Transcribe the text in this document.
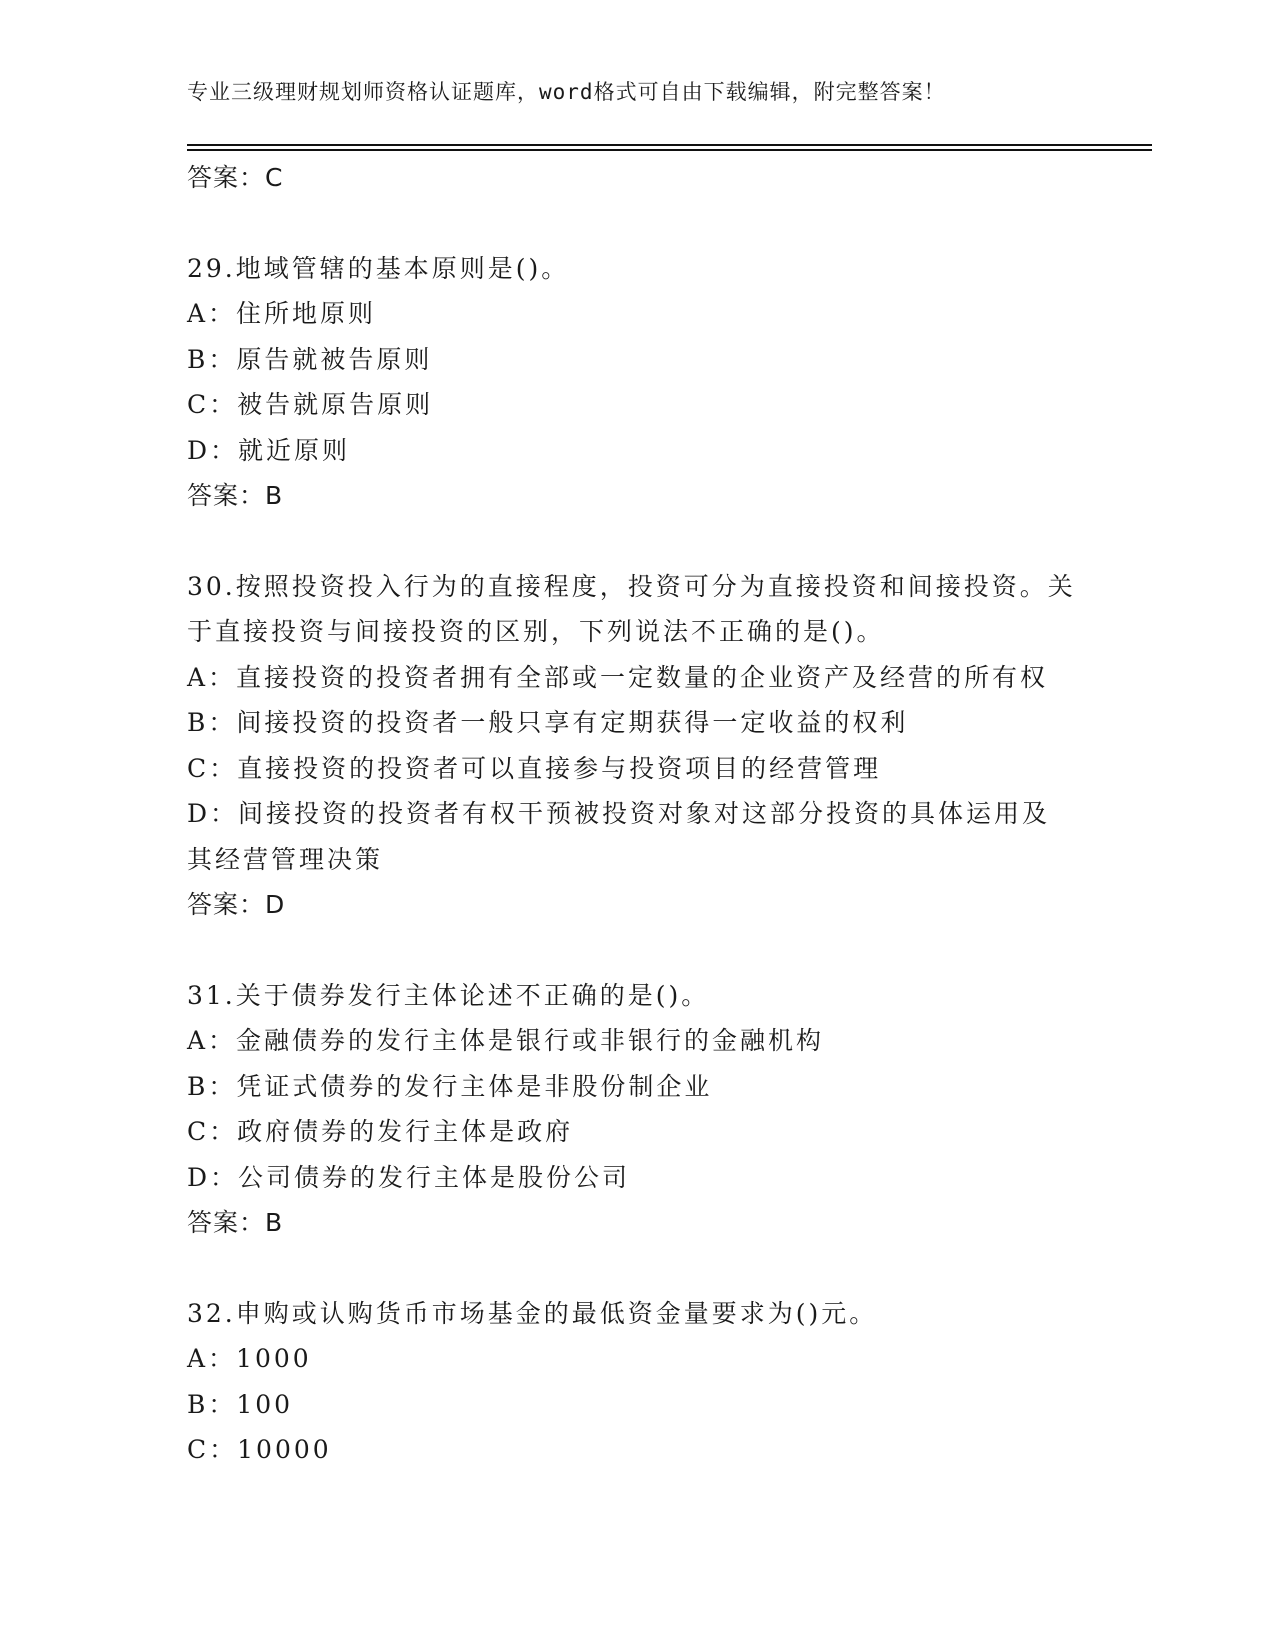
专业三级理财规划师资格认证题库，word格式可自由下载编辑，附完整答案！
答案：C
29.地域管辖的基本原则是()。
A：住所地原则
B：原告就被告原则
C：被告就原告原则
D：就近原则
答案：B
30.按照投资投入行为的直接程度，投资可分为直接投资和间接投资。关于直接投资与间接投资的区别，下列说法不正确的是()。
A：直接投资的投资者拥有全部或一定数量的企业资产及经营的所有权
B：间接投资的投资者一般只享有定期获得一定收益的权利
C：直接投资的投资者可以直接参与投资项目的经营管理
D：间接投资的投资者有权干预被投资对象对这部分投资的具体运用及其经营管理决策
答案：D
31.关于债券发行主体论述不正确的是()。
A：金融债券的发行主体是银行或非银行的金融机构
B：凭证式债券的发行主体是非股份制企业
C：政府债券的发行主体是政府
D：公司债券的发行主体是股份公司
答案：B
32.申购或认购货币市场基金的最低资金量要求为()元。
A：1000
B：100
C：10000
